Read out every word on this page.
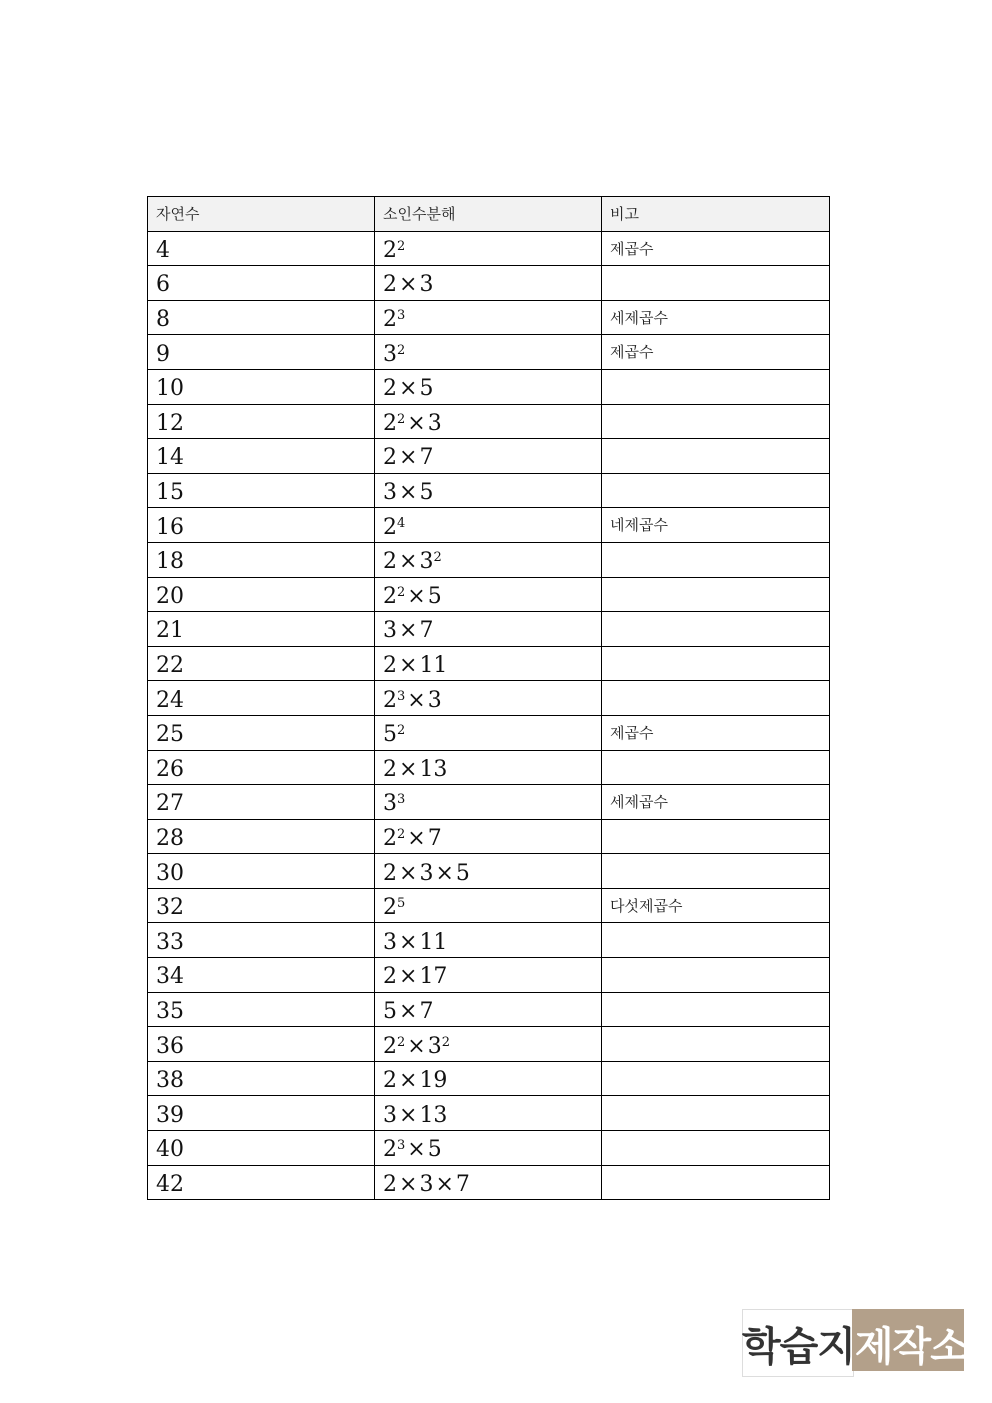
자연수	소인수분해	비고
4	$2^2$	제곱수
6	2×3	
8	$2^3$	세제곱수
9	$3^2$	제곱수
10	2×5	
12	$2^2\times 3$	
14	2×7	
15	3×5	
16	$2^4$	네제곱수
18	$2\times 3^2$	
20	$2^2\times 5$	
21	3×7	
22	2×11	
24	$2^3\times 3$	
25	$5^2$	제곱수
26	2×13	
27	$3^3$	세제곱수
28	$2^2\times 7$	
30	2×3×5	
32	$2^5$	다섯제곱수
33	3×11	
34	2×17	
35	5×7	
36	$2^2\times 3^2$	
38	2×19	
39	3×13	
40	$2^3\times 5$	
42	2×3×7	
학습지제작소
